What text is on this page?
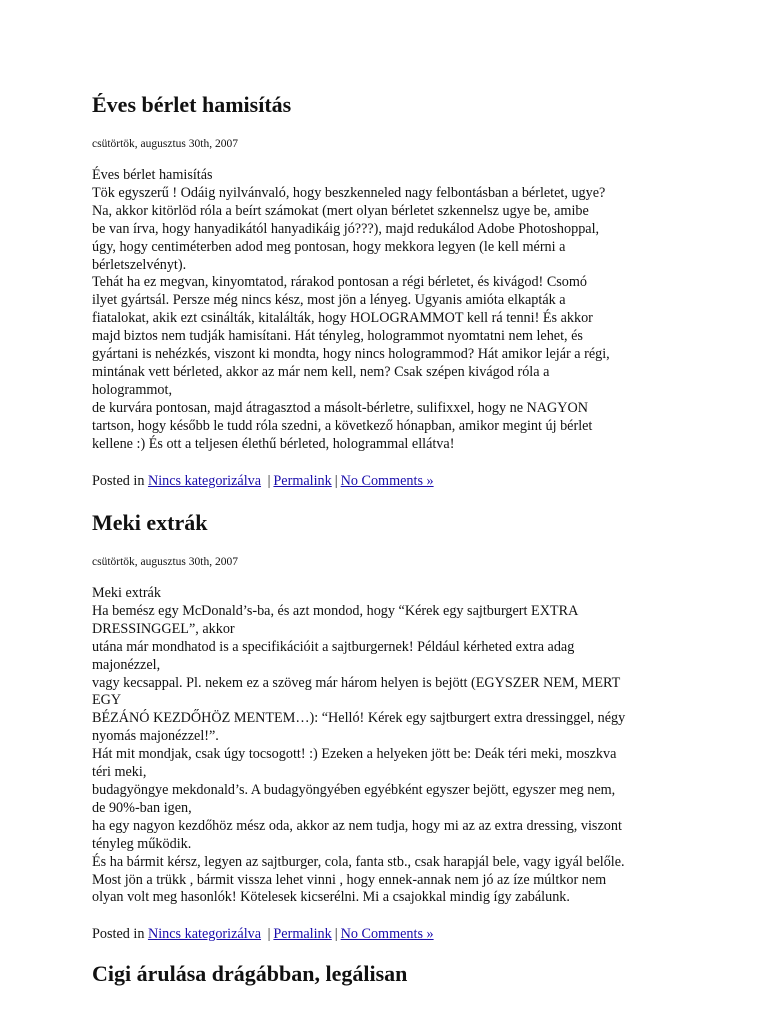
Éves bérlet hamisítás
csütörtök, augusztus 30th, 2007
Éves bérlet hamisítás
Tök egyszerű ! Odáig nyilvánvaló, hogy beszkenneled nagy felbontásban a bérletet, ugye?
Na, akkor kitörlöd róla a beírt számokat (mert olyan bérletet szkennelsz ugye be, amibe
be van írva, hogy hanyadikától hanyadikáig jó???), majd redukálod Adobe Photoshoppal,
úgy, hogy centiméterben adod meg pontosan, hogy mekkora legyen (le kell mérni a
bérletszelvényt).
Tehát ha ez megvan, kinyomtatod, rárakod pontosan a régi bérletet, és kivágod! Csomó
ilyet gyártsál. Persze még nincs kész, most jön a lényeg. Ugyanis amióta elkapták a
fiatalokat, akik ezt csinálták, kitalálták, hogy HOLOGRAMMOT kell rá tenni! És akkor
majd biztos nem tudják hamisítani. Hát tényleg, hologrammot nyomtatni nem lehet, és
gyártani is nehézkés, viszont ki mondta, hogy nincs hologrammod? Hát amikor lejár a régi,
mintának vett bérleted, akkor az már nem kell, nem? Csak szépen kivágod róla a
hologrammot,
de kurvára pontosan, majd átragasztod a másolt-bérletre, sulifixxel, hogy ne NAGYON
tartson, hogy később le tudd róla szedni, a következő hónapban, amikor megint új bérlet
kellene :) És ott a teljesen élethű bérleted, hologrammal ellátva!
Posted in Nincs kategorizálva | Permalink | No Comments »
Meki extrák
csütörtök, augusztus 30th, 2007
Meki extrák
Ha bemész egy McDonald’s-ba, és azt mondod, hogy “Kérek egy sajtburgert EXTRA
DRESSINGGEL”, akkor
utána már mondhatod is a specifikációit a sajtburgernek! Például kérheted extra adag
majonézzel,
vagy kecsappal. Pl. nekem ez a szöveg már három helyen is bejött (EGYSZER NEM, MERT
EGY
BÉZÁNÓ KEZDŐHÖZ MENTEM…): “Helló! Kérek egy sajtburgert extra dressinggel, négy
nyomás majonézzel!”.
Hát mit mondjak, csak úgy tocsogott! :) Ezeken a helyeken jött be: Deák téri meki, moszkva
téri meki,
budagyöngye mekdonald’s. A budagyöngyében egyébként egyszer bejött, egyszer meg nem,
de 90%-ban igen,
ha egy nagyon kezdőhöz mész oda, akkor az nem tudja, hogy mi az az extra dressing, viszont
tényleg működik.
És ha bármit kérsz, legyen az sajtburger, cola, fanta stb., csak harapjál bele, vagy igyál belőle.
Most jön a trükk , bármit vissza lehet vinni , hogy ennek-annak nem jó az íze múltkor nem
olyan volt meg hasonlók! Kötelesek kicserélni. Mi a csajokkal mindig így zabálunk.
Posted in Nincs kategorizálva | Permalink | No Comments »
Cigi árulása drágábban, legálisan
